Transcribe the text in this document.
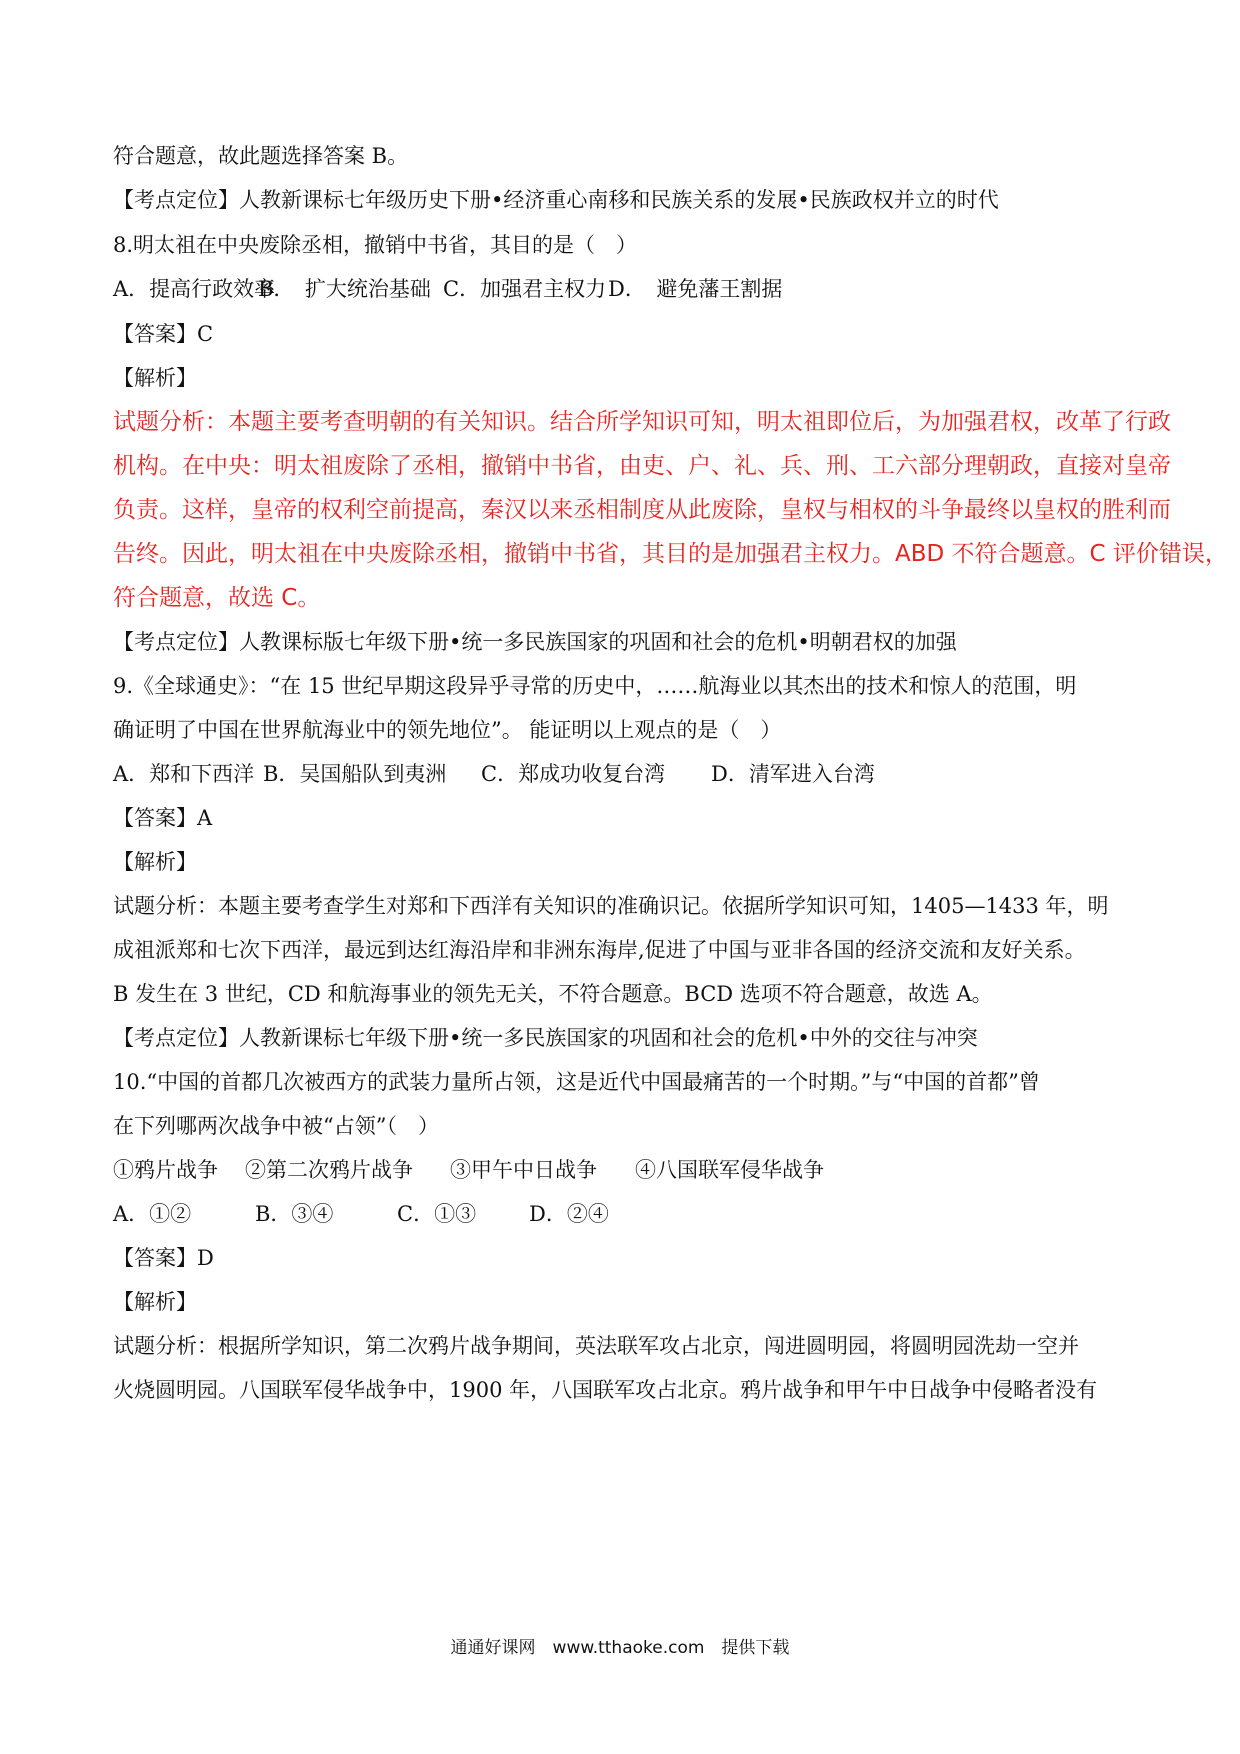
符合题意，故此题选择答案 B。
【考点定位】人教新课标七年级历史下册•经济重心南移和民族关系的发展•民族政权并立的时代
8.明太祖在中央废除丞相，撤销中书省，其目的是（　）
A．提高行政效率B．　扩大统治基础 C．加强君主权力D．　避免藩王割据
【答案】C
【解析】
试题分析：本题主要考查明朝的有关知识。结合所学知识可知，明太祖即位后，为加强君权，改革了行政
机构。在中央：明太祖废除了丞相，撤销中书省，由吏、户、礼、兵、刑、工六部分理朝政，直接对皇帝
负责。这样，皇帝的权利空前提高，秦汉以来丞相制度从此废除，皇权与相权的斗争最终以皇权的胜利而
告终。因此，明太祖在中央废除丞相，撤销中书省，其目的是加强君主权力。ABD 不符合题意。C 评价错误，
符合题意，故选 C。
【考点定位】人教课标版七年级下册•统一多民族国家的巩固和社会的危机•明朝君权的加强
9.《全球通史》：“在 15 世纪早期这段异乎寻常的历史中，……航海业以其杰出的技术和惊人的范围，明
确证明了中国在世界航海业中的领先地位”。 能证明以上观点的是（　）
A．郑和下西洋 B．吴国船队到夷洲 C．郑成功收复台湾 D．清军进入台湾
【答案】A
【解析】
试题分析：本题主要考查学生对郑和下西洋有关知识的准确识记。依据所学知识可知，1405—1433 年，明
成祖派郑和七次下西洋，最远到达红海沿岸和非洲东海岸,促进了中国与亚非各国的经济交流和友好关系。
B 发生在 3 世纪，CD 和航海事业的领先无关，不符合题意。BCD 选项不符合题意，故选 A。
【考点定位】人教新课标七年级下册•统一多民族国家的巩固和社会的危机•中外的交往与冲突
10.“中国的首都几次被西方的武装力量所占领，这是近代中国最痛苦的一个时期。”与“中国的首都”曾
在下列哪两次战争中被“占领”（　）
①鸦片战争 ②第二次鸦片战争 ③甲午中日战争 ④八国联军侵华战争
A．①②	B．③④	C．①③	D．②④
【答案】D
【解析】
试题分析：根据所学知识，第二次鸦片战争期间，英法联军攻占北京，闯进圆明园，将圆明园洗劫一空并
火烧圆明园。八国联军侵华战争中，1900 年，八国联军攻占北京。鸦片战争和甲午中日战争中侵略者没有
通通好课网　www.tthaoke.com　提供下载
